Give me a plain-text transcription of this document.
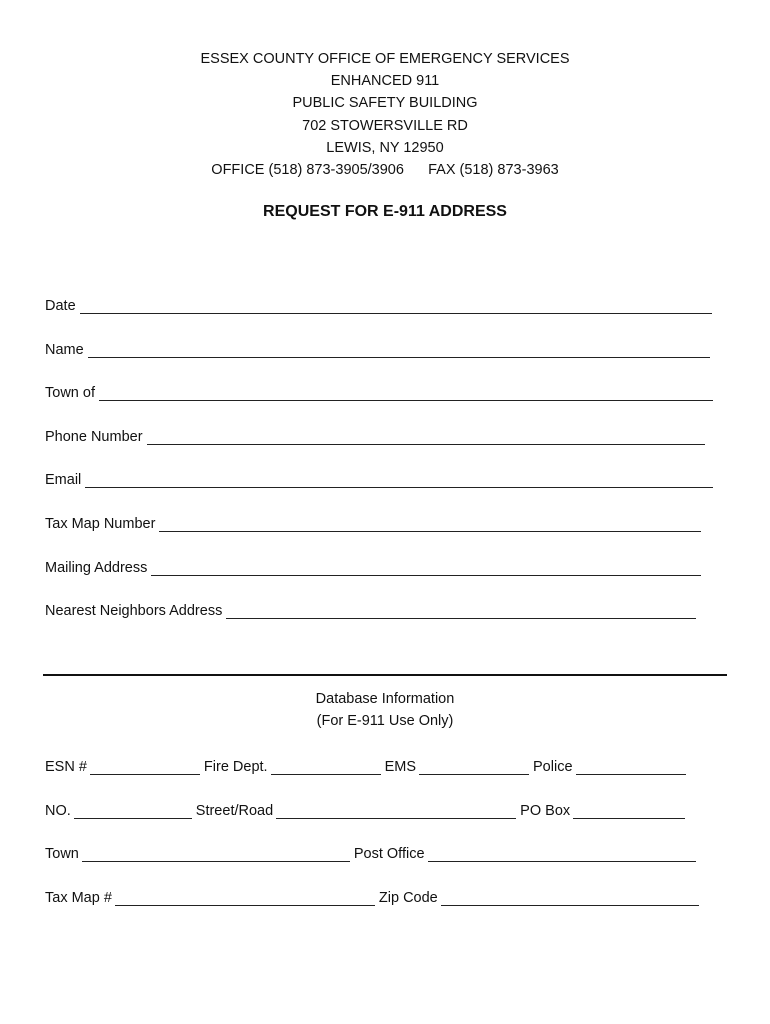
ESSEX COUNTY OFFICE OF EMERGENCY SERVICES
ENHANCED 911
PUBLIC SAFETY BUILDING
702 STOWERSVILLE RD
LEWIS, NY 12950
OFFICE (518) 873-3905/3906 FAX (518) 873-3963
REQUEST FOR E-911 ADDRESS
Date
Name
Town of
Phone Number
Email
Tax Map Number
Mailing Address
Nearest Neighbors Address
Database Information
(For E-911 Use Only)
ESN #	Fire Dept.	EMS	Police
NO.	Street/Road	PO Box
Town	Post Office
Tax Map #	Zip Code
